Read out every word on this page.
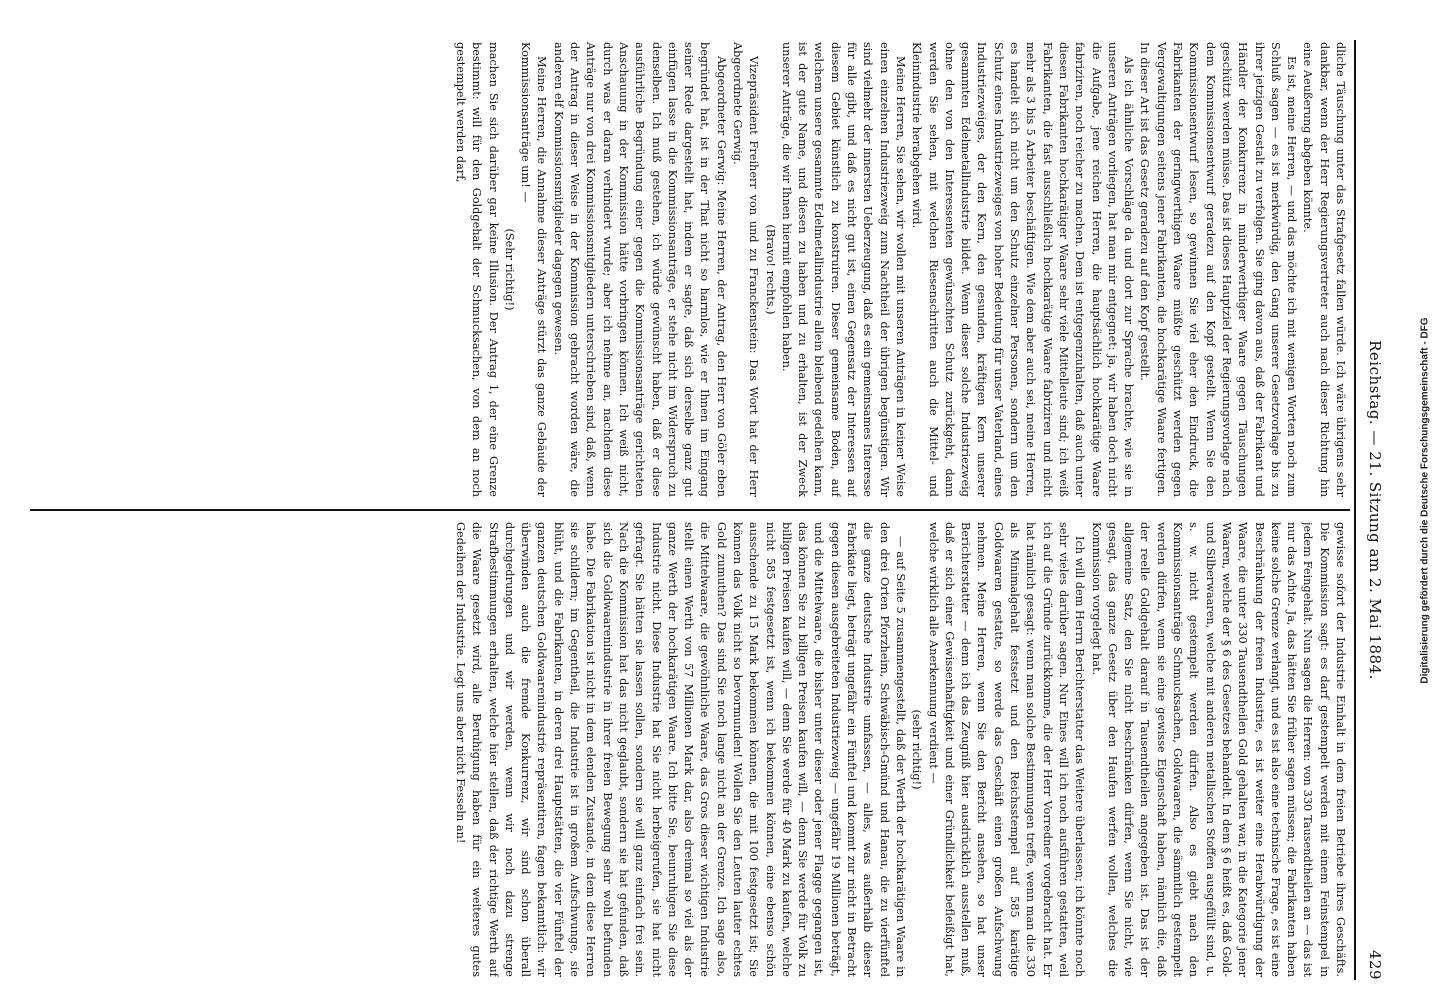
Reichstag. — 21. Sitzung am 2. Mai 1884.
429

dliche Täuschung unter das Strafgesetz fallen würde. Ich wäre übrigens sehr dankbar, wenn der Herr Regierungsvertreter auch nach dieser Richtung hin eine Aeußerung abgeben könnte.

Es ist, meine Herren, — und das möchte ich mit wenigen Worten noch zum Schluß sagen — es ist merkwürdig, den Gang unserer Gesetzvorlage bis zu ihrer jetzigen Gestalt zu verfolgen. Sie ging davon aus, daß der Fabrikant und Händler der Konkurrenz in minderwerthiger Waare gegen Täuschungen geschützt werden müsse. Das ist dieses Hauptziel der Regierungsvorlage nach dem Kommissionsentwurf geradezu auf den Kopf gestellt. Wenn Sie den Kommissionsentwurf lesen, so gewinnen Sie viel eher den Eindruck, die Fabrikanten der geringwerthigen Waare müßte geschützt werden gegen Vergewaltigungen seitens jener Fabrikanten, die hochkarätige Waare fertigen. In dieser Art ist das Gesetz geradezu auf den Kopf gestellt.

Als ich ähnliche Vorschläge da und dort zur Sprache brachte, wie sie in unseren Anträgen vorliegen, hat man mir entgegnet: ja, wir haben doch nicht die Aufgabe, jene reichen Herren, die hauptsächlich hochkarätige Waare fabriziren, noch reicher zu machen. Dem ist entgegenzuhalten, daß auch unter diesen Fabrikanten hochkarätiger Waare sehr viele Mittelleute sind; ich weiß Fabrikanten, die fast ausschließlich hochkarätige Waare fabriziren und nicht mehr als 3 bis 5 Arbeiter beschäftigen. Wie dem aber auch sei, meine Herren, es handelt sich nicht um den Schutz einzelner Personen, sondern um den Schutz eines Industriezweiges von hoher Bedeutung für unser Vaterland, eines Industriezweiges, der den Kern, den gesunden, kräftigen Kern unserer gesammten Edelmetallindustrie bildet. Wenn dieser solche Industriezweig ohne den von den Interessenten gewünschten Schutz zurückgeht, dann werden Sie sehen, mit welchen Riesenschritten auch die Mittel- und Kleinindustrie herabgehen wird.

Meine Herren, Sie sehen, wir wollen mit unseren Anträgen in keiner Weise einen einzelnen Industriezweig zum Nachtheil der übrigen begünstigen. Wir sind vielmehr der innersten Ueberzeugung, daß es ein gemeinsames Interesse für alle gibt, und daß es nicht gut ist, einen Gegensatz der Interessen auf diesem Gebiet künstlich zu konstruiren. Dieser gemeinsame Boden, auf welchem unsere gesammte Edelmetallindustrie allein bleibend gedeihen kann, ist der gute Name, und diesen zu haben und zu erhalten, ist der Zweck unserer Anträge, die wir Ihnen hiermit empfohlen haben.

(Bravo! rechts.)

Vizepräsident Freiherr von und zu Franckenstein: Das Wort hat der Herr Abgeordnete Gerwig.

Abgeordneter Gerwig: Meine Herren, der Antrag, den Herr von Göler eben begründet hat, ist in der That nicht so harmlos, wie er Ihnen im Eingang seiner Rede dargestellt hat, indem er sagte, daß sich derselbe ganz gut einfügen lasse in die Kommissionsanträge, er stehe nicht im Widerspruch zu denselben. Ich muß gestehen, ich würde gewünscht haben, daß er diese ausführliche Begründung einer gegen die Kommissionsanträge gerichteten Anschauung in der Kommission hätte vorbringen können. Ich weiß nicht, durch was er daran verhindert wurde; aber ich nehme an, nachdem diese Anträge nur von drei Kommissionsmitgliedern unterschrieben sind, daß, wenn der Antrag in dieser Weise in der Kommission gebracht worden wäre, die anderen elf Kommissionsmitglieder dagegen gewesen.

Meine Herren, die Annahme dieser Anträge stürzt das ganze Gebäude der Kommissionsanträge um! —

(Sehr richtig!)

machen Sie sich darüber gar keine Illusion. Der Antrag 1, der eine Grenze bestimmt: will für den Goldgehalt der Schmucksachen, von dem an noch gestempelt werden darf,

gewisse sofort der Industrie Einhalt in dem freien Betriebe ihres Geschäfts. Die Kommission sagt: es darf gestempelt werden mit einem Feinstempel in jedem Feingehalt. Nun sagen die Herren: von 330 Tausendtheilen an — das ist nur das Achte. Ja, das hätten Sie früher sagen müssen; die Fabrikanten haben keine solche Grenze verlangt, und es ist also eine technische Frage, es ist eine Beschränkung der freien Industrie, es ist weiter eine Herabwürdigung der Waare, die unter 330 Tausendtheilen Gold gehalten war, in die Kategorie jener Waaren, welche der § 6 des Gesetzes behandelt. In dem § 6 heißt es, daß Gold- und Silberwaaren, welche mit anderen metallischen Stoffen ausgefüllt sind, u. s. w. nicht gestempelt werden dürfen. Also es giebt nach den Kommissionsanträge Schmucksachen, Goldwaaren, die sämmtlich gestempelt werden dürfen, wenn sie eine gewisse Eigenschaft haben, nämlich die, daß der reelle Goldgehalt darauf in Tausendtheilen angegeben ist. Das ist der allgemeine Satz, den Sie nicht beschränken dürfen, wenn Sie nicht, wie gesagt, das ganze Gesetz über den Haufen werfen wollen, welches die Kommission vorgelegt hat.

Ich will dem Herrn Berichterstatter das Weitere überlassen; ich könnte noch sehr vieles darüber sagen. Nur Eines will ich noch ausführen gestatten, weil ich auf die Gründe zurückkomme, die der Herr Vorredner vorgebracht hat. Er hat nämlich gesagt: wenn man solche Bestimmungen treffe, wenn man die 330 als Minimalgehalt festsetzt und den Reichsstempel auf 585 karätige Goldwaaren gestatte, so werde das Geschäft einen großen Aufschwung nehmen. Meine Herren, wenn Sie den Bericht ansehen, so hat unser Berichterstatter — denn ich das Zeugniß hier ausdrücklich ausstellen muß, daß er sich einer Gewissenhaftigkeit und einer Gründlichkeit befleißigt hat, welche wirklich alle Anerkennung verdient —

(sehr richtig!)

— auf Seite 5 zusammengestellt, daß der Werth der hochkarätigen Waare in den drei Orten Pforzheim, Schwäbisch-Gmünd und Hanau, die zu vierfünftel die ganze deutsche Industrie umfassen, — alles, was außerhalb dieser Fabrikate liegt, beträgt ungefähr ein Fünftel und kommt zur nicht in Betracht gegen diesen ausgebreiteten Industriezweig — ungefähr 19 Millionen beträgt, und die Mittelwaare, die bisher unter dieser oder jener Flagge gegangen ist, das können Sie zu billigen Preisen kaufen will, — denn Sie werde für Volk zu billigen Preisen kaufen will, — denn Sie werde für 40 Mark zu kaufen, welche nicht 585 festgesetzt ist, wenn ich bekommen können, eine ebenso schön ausschende zu 15 Mark bekommen können, die mit 100 festgesetzt ist; Sie können das Volk nicht so bevormunden! Wollen Sie den Leuten lauter echtes Gold zumuthen? Das sind Sie noch lange nicht an der Grenze. Ich sage also, die Mittelwaare, die gewöhnliche Waare, das Gros dieser wichtigen Industrie stellt einen Werth von 57 Millionen Mark dar, also dreimal so viel als der ganze Werth der hochkarätigen Waare. Ich bitte Sie, beunruhigen Sie diese Industrie nicht. Diese Industrie hat Sie nicht herbeigerufen, sie hat nicht gefragt. Sie hätten sie lassen sollen, sondern sie will ganz einfach frei sein. Nach die Kommission hat das nicht geglaubt, sondern sie hat gefunden, daß sich die Goldwaarenindustrie in ihrer freien Bewegung sehr wohl befunden habe. Die Fabrikation ist nicht in dem elenden Zustande, in dem diese Herren sie schildern; im Gegentheil, die Industrie ist in großem Aufschwunge, sie blüht, und die Fabrikanten, in deren drei Hauptstätten, die vier Fünftel der ganzen deutschen Goldwaarenindustrie repräsentiren, fagen bekanntlich: wir überwinden auch die fremde Konkurrenz, wir sind schon überall durchgedrungen und wir werden, wenn wir noch dazu strenge Strafbestimmungen erhalten, welche hier stellen, daß der richtige Werth auf die Waare gesetzt wird, alle Beruhigung haben für ein weiteres gutes Gedeihen der Industrie. Legt uns aber nicht Fesseln an!	Digitalisierung gefördert durch die Deutsche Forschungsgemeinschaft - DFG
